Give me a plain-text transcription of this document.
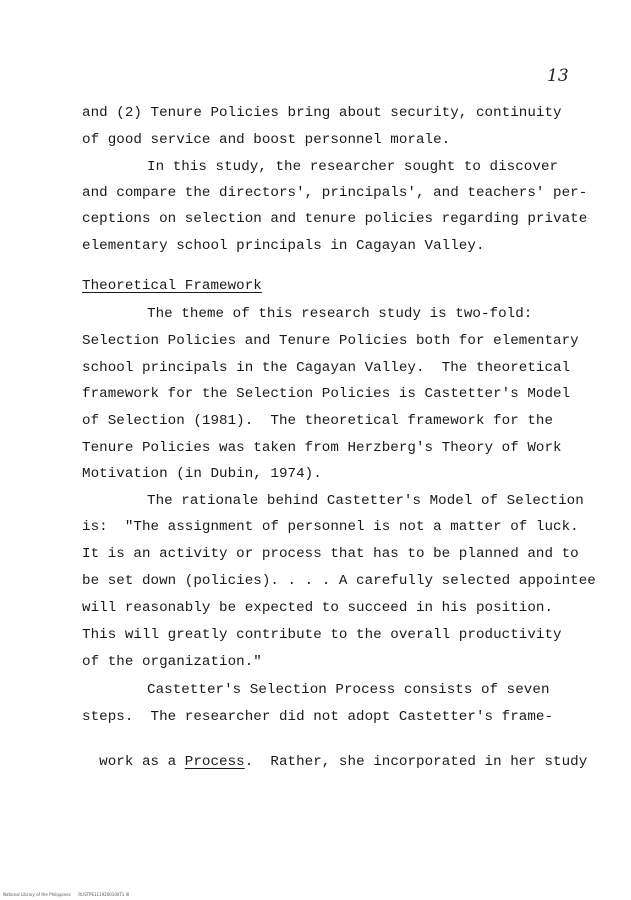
13
and (2) Tenure Policies bring about security, continuity
of good service and boost personnel morale.
In this study, the researcher sought to discover
and compare the directors', principals', and teachers' per-
ceptions on selection and tenure policies regarding private
elementary school principals in Cagayan Valley.
Theoretical Framework
The theme of this research study is two-fold:
Selection Policies and Tenure Policies both for elementary
school principals in the Cagayan Valley.  The theoretical
framework for the Selection Policies is Castetter's Model
of Selection (1981).  The theoretical framework for the
Tenure Policies was taken from Herzberg's Theory of Work
Motivation (in Dubin, 1974).
The rationale behind Castetter's Model of Selection
is:  "The assignment of personnel is not a matter of luck.
It is an activity or process that has to be planned and to
be set down (policies). . . . A carefully selected appointee
will reasonably be expected to succeed in his position.
This will greatly contribute to the overall productivity
of the organization."
Castetter's Selection Process consists of seven
steps.  The researcher did not adopt Castetter's frame-

work as a Process.  Rather, she incorporated in her study

National Library of the Philippines RUSTPE1119200100T1 III
